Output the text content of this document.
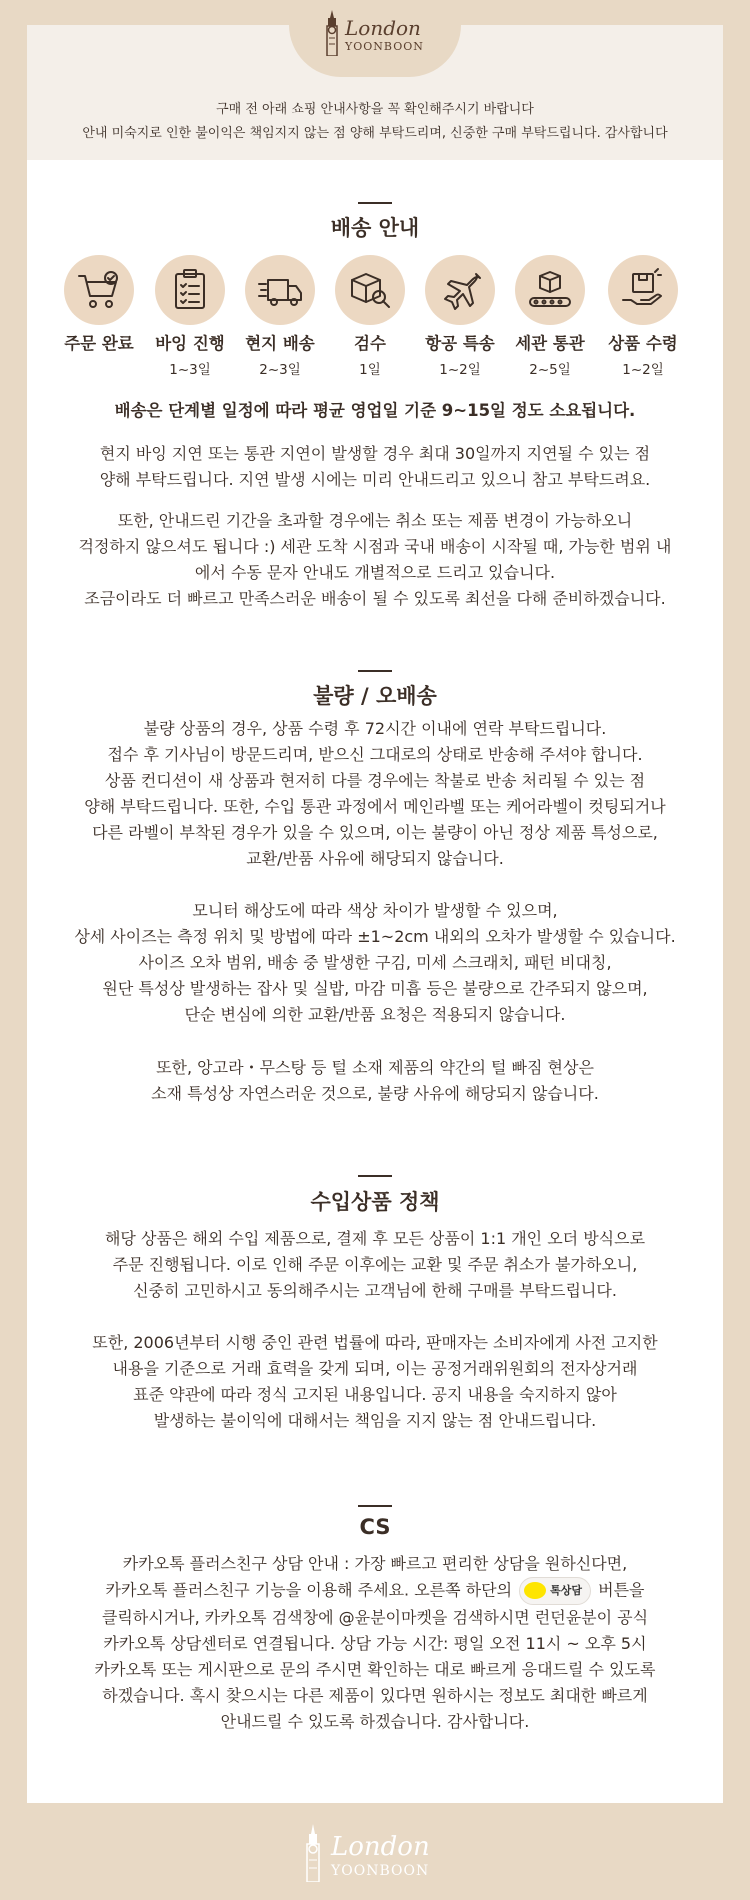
구매 전 아래 쇼핑 안내사항을 꼭 확인해주시기 바랍니다
안내 미숙지로 인한 불이익은 책임지지 않는 점 양해 부탁드리며, 신중한 구매 부탁드립니다. 감사합니다
London
YOONBOON
배송 안내
주문 완료	바잉 진행
1~3일
현지 배송
2~3일
검수
1일
항공 특송
1~2일
세관 통관
2~5일
상품 수령
1~2일
배송은 단계별 일정에 따라 평균 영업일 기준 9~15일 정도 소요됩니다.
현지 바잉 지연 또는 통관 지연이 발생할 경우 최대 30일까지 지연될 수 있는 점
양해 부탁드립니다. 지연 발생 시에는 미리 안내드리고 있으니 참고 부탁드려요.
또한, 안내드린 기간을 초과할 경우에는 취소 또는 제품 변경이 가능하오니
걱정하지 않으셔도 됩니다 :) 세관 도착 시점과 국내 배송이 시작될 때, 가능한 범위 내
에서 수동 문자 안내도 개별적으로 드리고 있습니다.
조금이라도 더 빠르고 만족스러운 배송이 될 수 있도록 최선을 다해 준비하겠습니다.
불량 / 오배송
불량 상품의 경우, 상품 수령 후 72시간 이내에 연락 부탁드립니다.
접수 후 기사님이 방문드리며, 받으신 그대로의 상태로 반송해 주셔야 합니다.
상품 컨디션이 새 상품과 현저히 다를 경우에는 착불로 반송 처리될 수 있는 점
양해 부탁드립니다. 또한, 수입 통관 과정에서 메인라벨 또는 케어라벨이 컷팅되거나
다른 라벨이 부착된 경우가 있을 수 있으며, 이는 불량이 아닌 정상 제품 특성으로,
교환/반품 사유에 해당되지 않습니다.
모니터 해상도에 따라 색상 차이가 발생할 수 있으며,
상세 사이즈는 측정 위치 및 방법에 따라 ±1~2cm 내외의 오차가 발생할 수 있습니다.
사이즈 오차 범위, 배송 중 발생한 구김, 미세 스크래치, 패턴 비대칭,
원단 특성상 발생하는 잡사 및 실밥, 마감 미흡 등은 불량으로 간주되지 않으며,
단순 변심에 의한 교환/반품 요청은 적용되지 않습니다.
또한, 앙고라・무스탕 등 털 소재 제품의 약간의 털 빠짐 현상은
소재 특성상 자연스러운 것으로, 불량 사유에 해당되지 않습니다.
수입상품 정책
해당 상품은 해외 수입 제품으로, 결제 후 모든 상품이 1:1 개인 오더 방식으로
주문 진행됩니다. 이로 인해 주문 이후에는 교환 및 주문 취소가 불가하오니,
신중히 고민하시고 동의해주시는 고객님에 한해 구매를 부탁드립니다.
또한, 2006년부터 시행 중인 관련 법률에 따라, 판매자는 소비자에게 사전 고지한
내용을 기준으로 거래 효력을 갖게 되며, 이는 공정거래위원회의 전자상거래
표준 약관에 따라 정식 고지된 내용입니다. 공지 내용을 숙지하지 않아
발생하는 불이익에 대해서는 책임을 지지 않는 점 안내드립니다.
CS
카카오톡 플러스친구 상담 안내 : 가장 빠르고 편리한 상담을 원하신다면,
카카오톡 플러스친구 기능을 이용해 주세요. 오른쪽 하단의	톡상담 버튼을
클릭하시거나, 카카오톡 검색창에 @윤분이마켓을 검색하시면 런던윤분이 공식
카카오톡 상담센터로 연결됩니다. 상담 가능 시간: 평일 오전 11시 ~ 오후 5시
카카오톡 또는 게시판으로 문의 주시면 확인하는 대로 빠르게 응대드릴 수 있도록
하겠습니다. 혹시 찾으시는 다른 제품이 있다면 원하시는 정보도 최대한 빠르게
안내드릴 수 있도록 하겠습니다. 감사합니다.
London
YOONBOON
